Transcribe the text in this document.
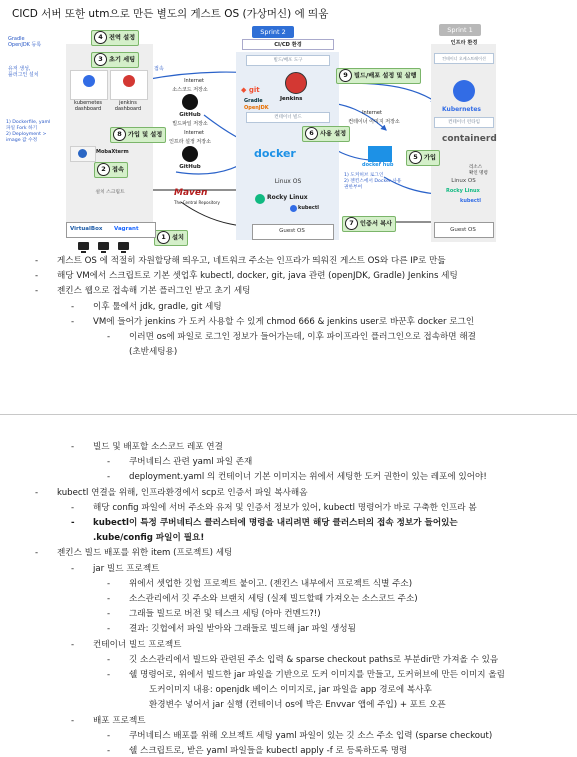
CICD 서버 또한 utm으로 만든 별도의 게스트 OS (가상머신) 에 띄움
설치 스크립트
Sprint 2
CI/CD 환경
빌드/배포 도구
컨테이너 빌드
Linux OS
Guest OS
Sprint 1
인프라 환경
컨테이너 오케스트레이션
컨테이너 런타임
Linux OS
Guest OS
Gradle
OpenJDK 등록
유저 생성,
플러그인 설치
1) Dockerfile, yaml
파일 Fork 하기
2) Deployment >
image 값 수정
1) 도커허브 로그인
2) 젠킨스에서 Docker 사용
권한부여
리소스
확인 명령
접속
4 전역 설정
3 초기 세팅
8 가입 및 설정
2 접속
1 설치
9 빌드/배포 설정 및 실행
6 사용 설정
5 가입
7 인증서 복사
kubernetes
dashboard
jenkins
dashboard
MobaXterm
Internet
소스코드 저장소
GitHub
빌드파일 저장소
◆ git
Gradle
OpenJDK
Jenkins
Internet
인프라 설정 저장소
GitHub
docker
Internet
컨테이너 이미지 저장소
docker hub
Kubernetes
containerd
Rocky Linux
kubectl
Maven
The Central Repository
Rocky Linux
kubectl
VirtualBox Vagrant
- 게스트 OS 에 적절히 자원할당해 띄우고, 네트워크 주소는 인프라가 띄워진 게스트 OS와 다른 IP로 만듦
- 해당 VM에서 스크립트로 기본 셋업후 kubectl, docker, git, java 관련 (openJDK, Gradle) Jenkins 세팅
- 젠킨스 웹으로 접속해 기본 플러그인 받고 초기 세팅
- 이후 툴에서 jdk, gradle, git 세팅
- VM에 들어가 jenkins 가 도커 사용할 수 있게 chmod 666 & jenkins user로 바꾼후 docker 로그인
- 이러면 os에 파일로 로그인 정보가 들어가는데, 이후 파이프라인 플러그인으로 접속하면 해결
(초반세팅용)
- 빌드 및 배포할 소스코드 레포 연결
- 쿠버네티스 관련 yaml 파일 존재
- deployment.yaml 의 컨테이너 기본 이미지는 위에서 세팅한 도커 권한이 있는 레포에 있어야!
- kubectl 연결을 위해, 인프라환경에서 scp로 인증서 파일 복사해옴
- 해당 config 파일에 서버 주소와 유저 및 인증서 정보가 있어, kubectl 명령어가 바로 구축한 인프라 봄
- kubectl이 특정 쿠버네티스 클러스터에 명령을 내리려면 해당 클러스터의 접속 정보가 들어있는
.kube/config 파일이 필요!
- 젠킨스 빌드 배포를 위한 item (프로젝트) 세팅
- jar 빌드 프로젝트
- 위에서 셋업한 깃헙 프로젝트 붙이고. (젠킨스 내부에서 프로젝트 식별 주소)
- 소스관리에서 깃 주소와 브랜치 세팅 (실제 빌드할때 가져오는 소스코드 주소)
- 그래들 빌드로 버전 및 테스크 세팅 (아마 컨멘드?!)
- 결과: 깃헙에서 파일 받아와 그래들로 빌드해 jar 파일 생성됨
- 컨테이너 빌드 프로젝트
- 깃 소스관리에서 빌드와 관련된 주소 입력 & sparse checkout paths로 부분dir만 가져올 수 있음
- 쉘 명령어로, 위에서 빌드한 jar 파일을 기반으로 도커 이미지를 만들고, 도커허브에 만든 이미지 올림
도커이미지 내용: openjdk 베이스 이미지로, jar 파일을 app 경로에 복사후
환경변수 넣어서 jar 실행 (컨테이너 os에 박은 Envvar 앱에 주입) + 포트 오픈
- 배포 프로젝트
- 쿠버네티스 배포를 위해 오브젝트 세팅 yaml 파일이 있는 깃 소스 주소 입력 (sparse checkout)
- 쉘 스크립트로, 받은 yaml 파일들을 kubectl apply -f 로 등록하도록 명령
